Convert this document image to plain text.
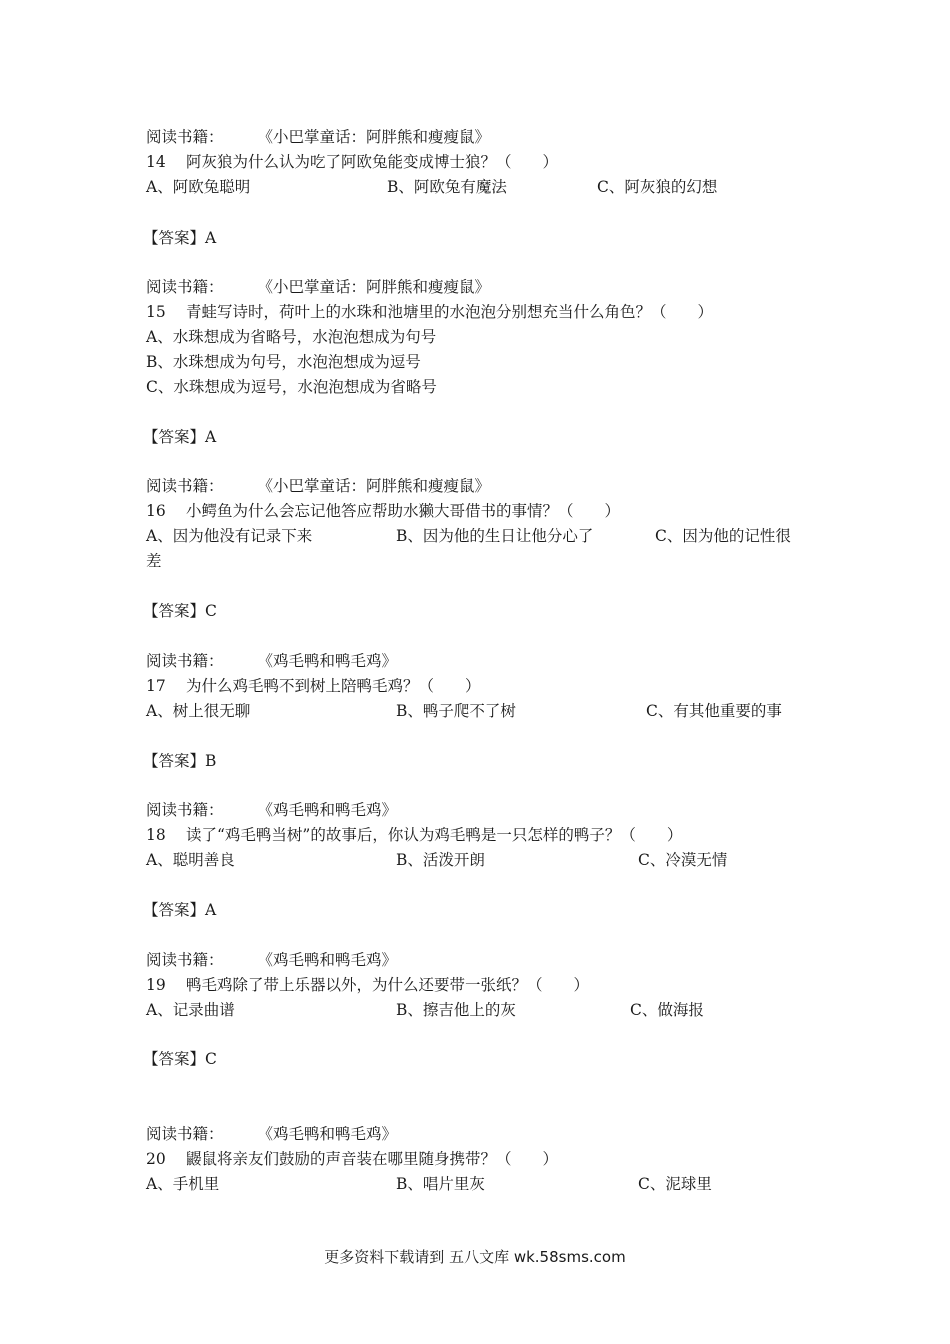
阅读书籍： 《小巴掌童话：阿胖熊和瘦瘦鼠》
14 阿灰狼为什么认为吃了阿欧兔能变成博士狼？（　　）
A、阿欧兔聪明	B、阿欧兔有魔法	C、阿灰狼的幻想
【答案】A
阅读书籍： 《小巴掌童话：阿胖熊和瘦瘦鼠》
15 青蛙写诗时，荷叶上的水珠和池塘里的水泡泡分别想充当什么角色？（　　）
A、水珠想成为省略号，水泡泡想成为句号
B、水珠想成为句号，水泡泡想成为逗号
C、水珠想成为逗号，水泡泡想成为省略号
【答案】A
阅读书籍： 《小巴掌童话：阿胖熊和瘦瘦鼠》
16 小鳄鱼为什么会忘记他答应帮助水獭大哥借书的事情？（　　）
A、因为他没有记录下来	B、因为他的生日让他分心了	C、因为他的记性很
差
【答案】C
阅读书籍： 《鸡毛鸭和鸭毛鸡》
17 为什么鸡毛鸭不到树上陪鸭毛鸡？（　　）
A、树上很无聊	B、鸭子爬不了树	C、有其他重要的事
【答案】B
阅读书籍： 《鸡毛鸭和鸭毛鸡》
18 读了“鸡毛鸭当树”的故事后，你认为鸡毛鸭是一只怎样的鸭子？（　　）
A、聪明善良	B、活泼开朗	C、冷漠无情
【答案】A
阅读书籍： 《鸡毛鸭和鸭毛鸡》
19 鸭毛鸡除了带上乐器以外，为什么还要带一张纸？（　　）
A、记录曲谱	B、擦吉他上的灰	C、做海报
【答案】C
阅读书籍： 《鸡毛鸭和鸭毛鸡》
20 鼹鼠将亲友们鼓励的声音装在哪里随身携带？（　　）
A、手机里	B、唱片里灰	C、泥球里
更多资料下载请到 五八文库 wk.58sms.com
